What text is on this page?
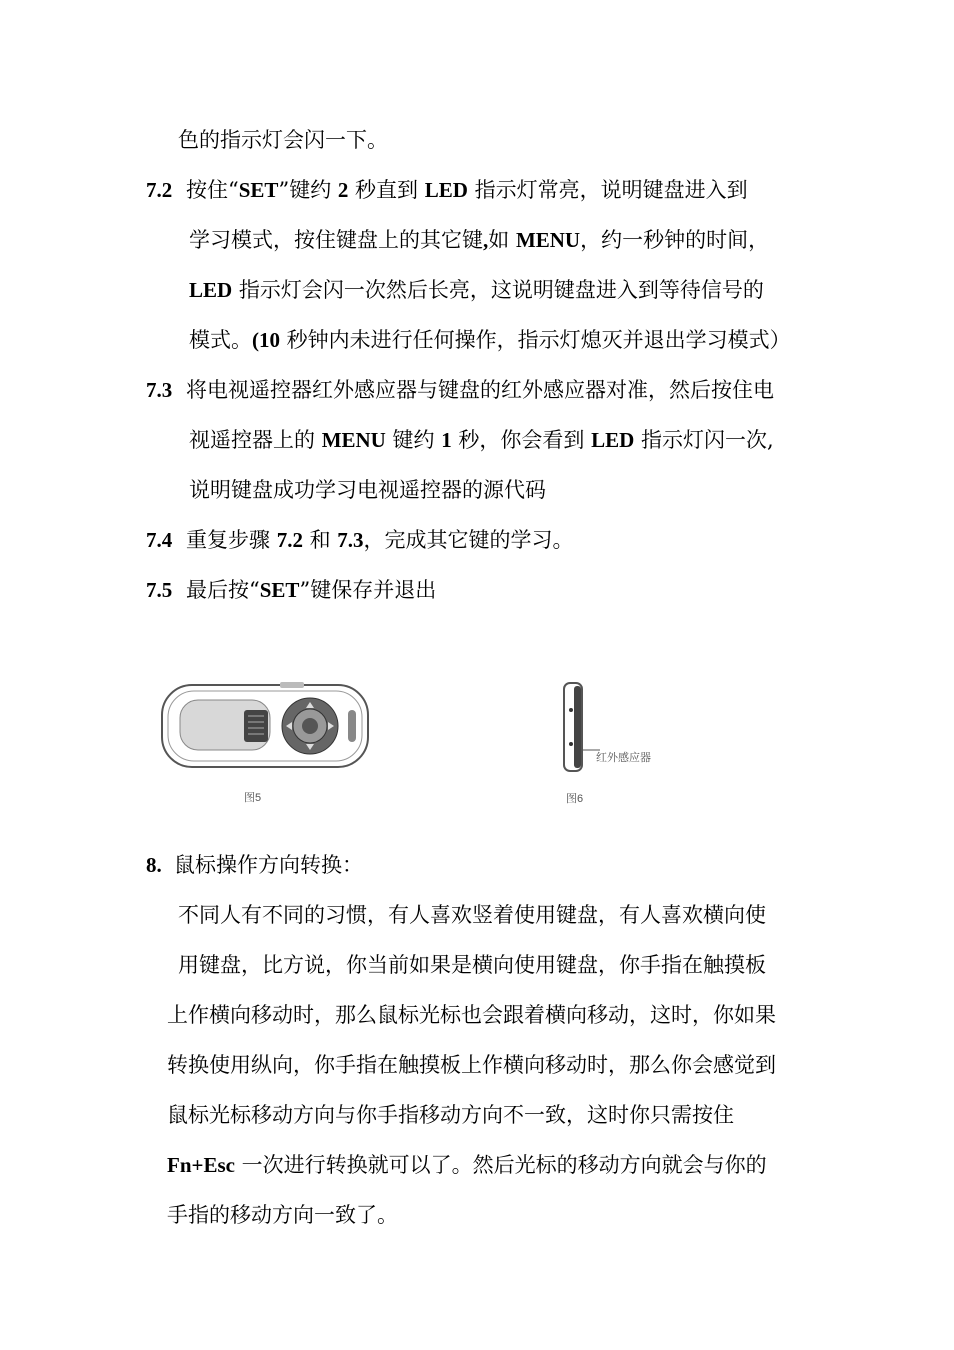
色的指示灯会闪一下。
7.2 按住“SET”键约 2 秒直到 LED 指示灯常亮，说明键盘进入到
学习模式，按住键盘上的其它键,如 MENU，约一秒钟的时间，
LED 指示灯会闪一次然后长亮，这说明键盘进入到等待信号的
模式。(10 秒钟内未进行任何操作，指示灯熄灭并退出学习模式）
7.3 将电视遥控器红外感应器与键盘的红外感应器对准，然后按住电
视遥控器上的 MENU 键约 1 秒，你会看到 LED 指示灯闪一次,
说明键盘成功学习电视遥控器的源代码
7.4 重复步骤 7.2 和 7.3，完成其它键的学习。
7.5 最后按“SET”键保存并退出
图5
红外感应器
图6
8. 鼠标操作方向转换：
不同人有不同的习惯，有人喜欢竖着使用键盘，有人喜欢横向使
用键盘，比方说，你当前如果是横向使用键盘，你手指在触摸板
上作横向移动时，那么鼠标光标也会跟着横向移动，这时，你如果
转换使用纵向，你手指在触摸板上作横向移动时，那么你会感觉到
鼠标光标移动方向与你手指移动方向不一致，这时你只需按住
Fn+Esc 一次进行转换就可以了。然后光标的移动方向就会与你的
手指的移动方向一致了。
